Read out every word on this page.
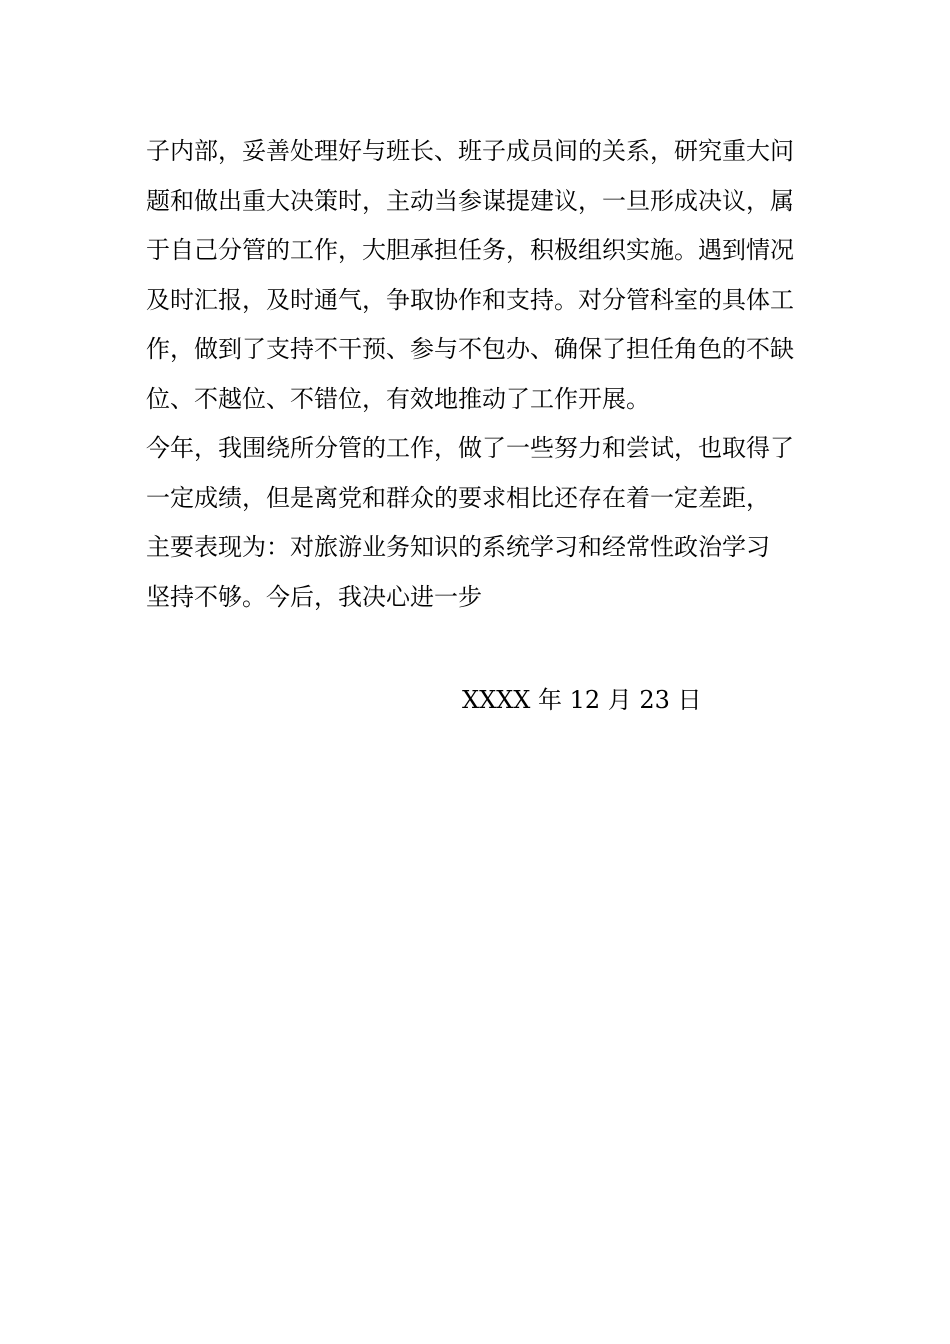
子内部，妥善处理好与班长、班子成员间的关系，研究重大问
题和做出重大决策时，主动当参谋提建议，一旦形成决议，属
于自己分管的工作，大胆承担任务，积极组织实施。遇到情况
及时汇报，及时通气，争取协作和支持。对分管科室的具体工
作，做到了支持不干预、参与不包办、确保了担任角色的不缺
位、不越位、不错位，有效地推动了工作开展。
今年，我围绕所分管的工作，做了一些努力和尝试，也取得了
一定成绩，但是离党和群众的要求相比还存在着一定差距，
主要表现为：对旅游业务知识的系统学习和经常性政治学习
坚持不够。今后，我决心进一步
XXXX 年 12 月 23 日
